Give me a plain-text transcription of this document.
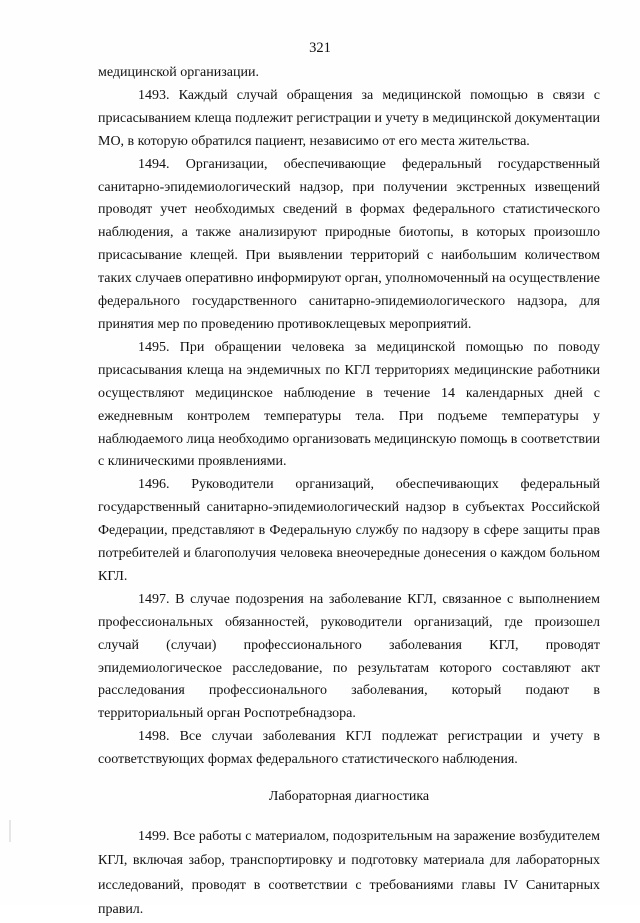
321

медицинской организации.

1493. Каждый случай обращения за медицинской помощью в связи с присасыванием клеща подлежит регистрации и учету в медицинской документации МО, в которую обратился пациент, независимо от его места жительства.

1494. Организации, обеспечивающие федеральный государственный санитарно-эпидемиологический надзор, при получении экстренных извещений проводят учет необходимых сведений в формах федерального статистического наблюдения, а также анализируют природные биотопы, в которых произошло присасывание клещей. При выявлении территорий с наибольшим количеством таких случаев оперативно информируют орган, уполномоченный на осуществление федерального государственного санитарно-эпидемиологического надзора, для принятия мер по проведению противоклещевых мероприятий.

1495. При обращении человека за медицинской помощью по поводу присасывания клеща на эндемичных по КГЛ территориях медицинские работники осуществляют медицинское наблюдение в течение 14 календарных дней с ежедневным контролем температуры тела. При подъеме температуры у наблюдаемого лица необходимо организовать медицинскую помощь в соответствии с клиническими проявлениями.

1496. Руководители организаций, обеспечивающих федеральный государственный санитарно-эпидемиологический надзор в субъектах Российской Федерации, представляют в Федеральную службу по надзору в сфере защиты прав потребителей и благополучия человека внеочередные донесения о каждом больном КГЛ.

1497. В случае подозрения на заболевание КГЛ, связанное с выполнением профессиональных обязанностей, руководители организаций, где произошел случай (случаи) профессионального заболевания КГЛ, проводят эпидемиологическое расследование, по результатам которого составляют акт расследования профессионального заболевания, который подают в территориальный орган Роспотребнадзора.

1498. Все случаи заболевания КГЛ подлежат регистрации и учету в соответствующих формах федерального статистического наблюдения.

Лабораторная диагностика

1499. Все работы с материалом, подозрительным на заражение возбудителем КГЛ, включая забор, транспортировку и подготовку материала для лабораторных исследований, проводят в соответствии с требованиями главы IV Санитарных правил.
